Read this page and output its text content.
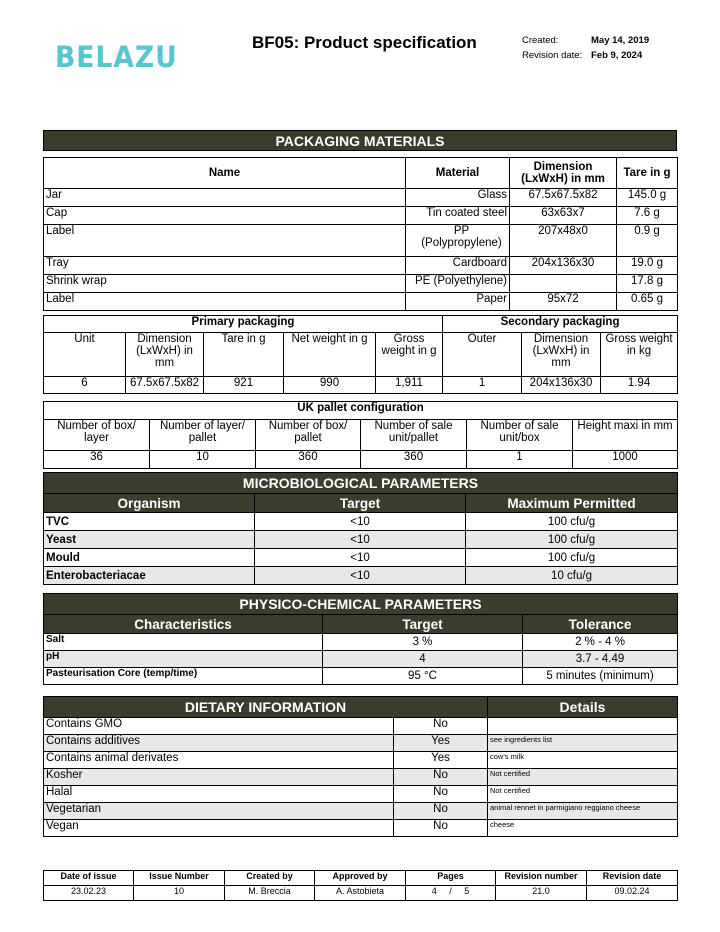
BELAZU	BF05: Product specification	Created:	May 14, 2019
Revision date: Feb 9, 2024
PACKAGING MATERIALS
Name	Material	Dimension (LxWxH) in mm	Tare in g
Jar	Glass	67.5x67.5x82	145.0 g
Cap	Tin coated steel	63x63x7	7.6 g
Label	PP (Polypropylene)	207x48x0	0.9 g
Tray	Cardboard	204x136x30	19.0 g
Shrink wrap	PE (Polyethylene)		17.8 g
Label	Paper	95x72	0.65 g
Primary packaging					Secondary packaging		
Unit	Dimension (LxWxH) in mm	Tare in g	Net weight in g	Gross weight in g	Outer	Dimension (LxWxH) in mm	Gross weight in kg
6	67.5x67.5x82	921	990	1,911	1	204x136x30	1.94
UK pallet configuration					
Number of box/ layer	Number of layer/ pallet	Number of box/ pallet	Number of sale unit/pallet	Number of sale unit/box	Height maxi in mm
36	10	360	360	1	1000
MICROBIOLOGICAL PARAMETERS		
Organism	Target	Maximum Permitted
TVC	<10	100 cfu/g
Yeast	<10	100 cfu/g
Mould	<10	100 cfu/g
Enterobacteriacae	<10	10 cfu/g
PHYSICO-CHEMICAL PARAMETERS		
Characteristics	Target	Tolerance
Salt	3 %	2 % - 4 %
pH	4	3.7 - 4.49
Pasteurisation Core (temp/time)	95 °C	5 minutes (minimum)
DIETARY INFORMATION		Details
Contains GMO	No	
Contains additives	Yes	see ingredients list
Contains animal derivates	Yes	cow's milk
Kosher	No	Not certified
Halal	No	Not certified
Vegetarian	No	animal rennet in parmigiano reggiano cheese
Vegan	No	cheese
Date of issue	Issue Number	Created by	Approved by	Pages	Revision number	Revision date
23.02.23	10	M. Breccia	A. Astobieta	4     /     5	21.0	09.02.24
